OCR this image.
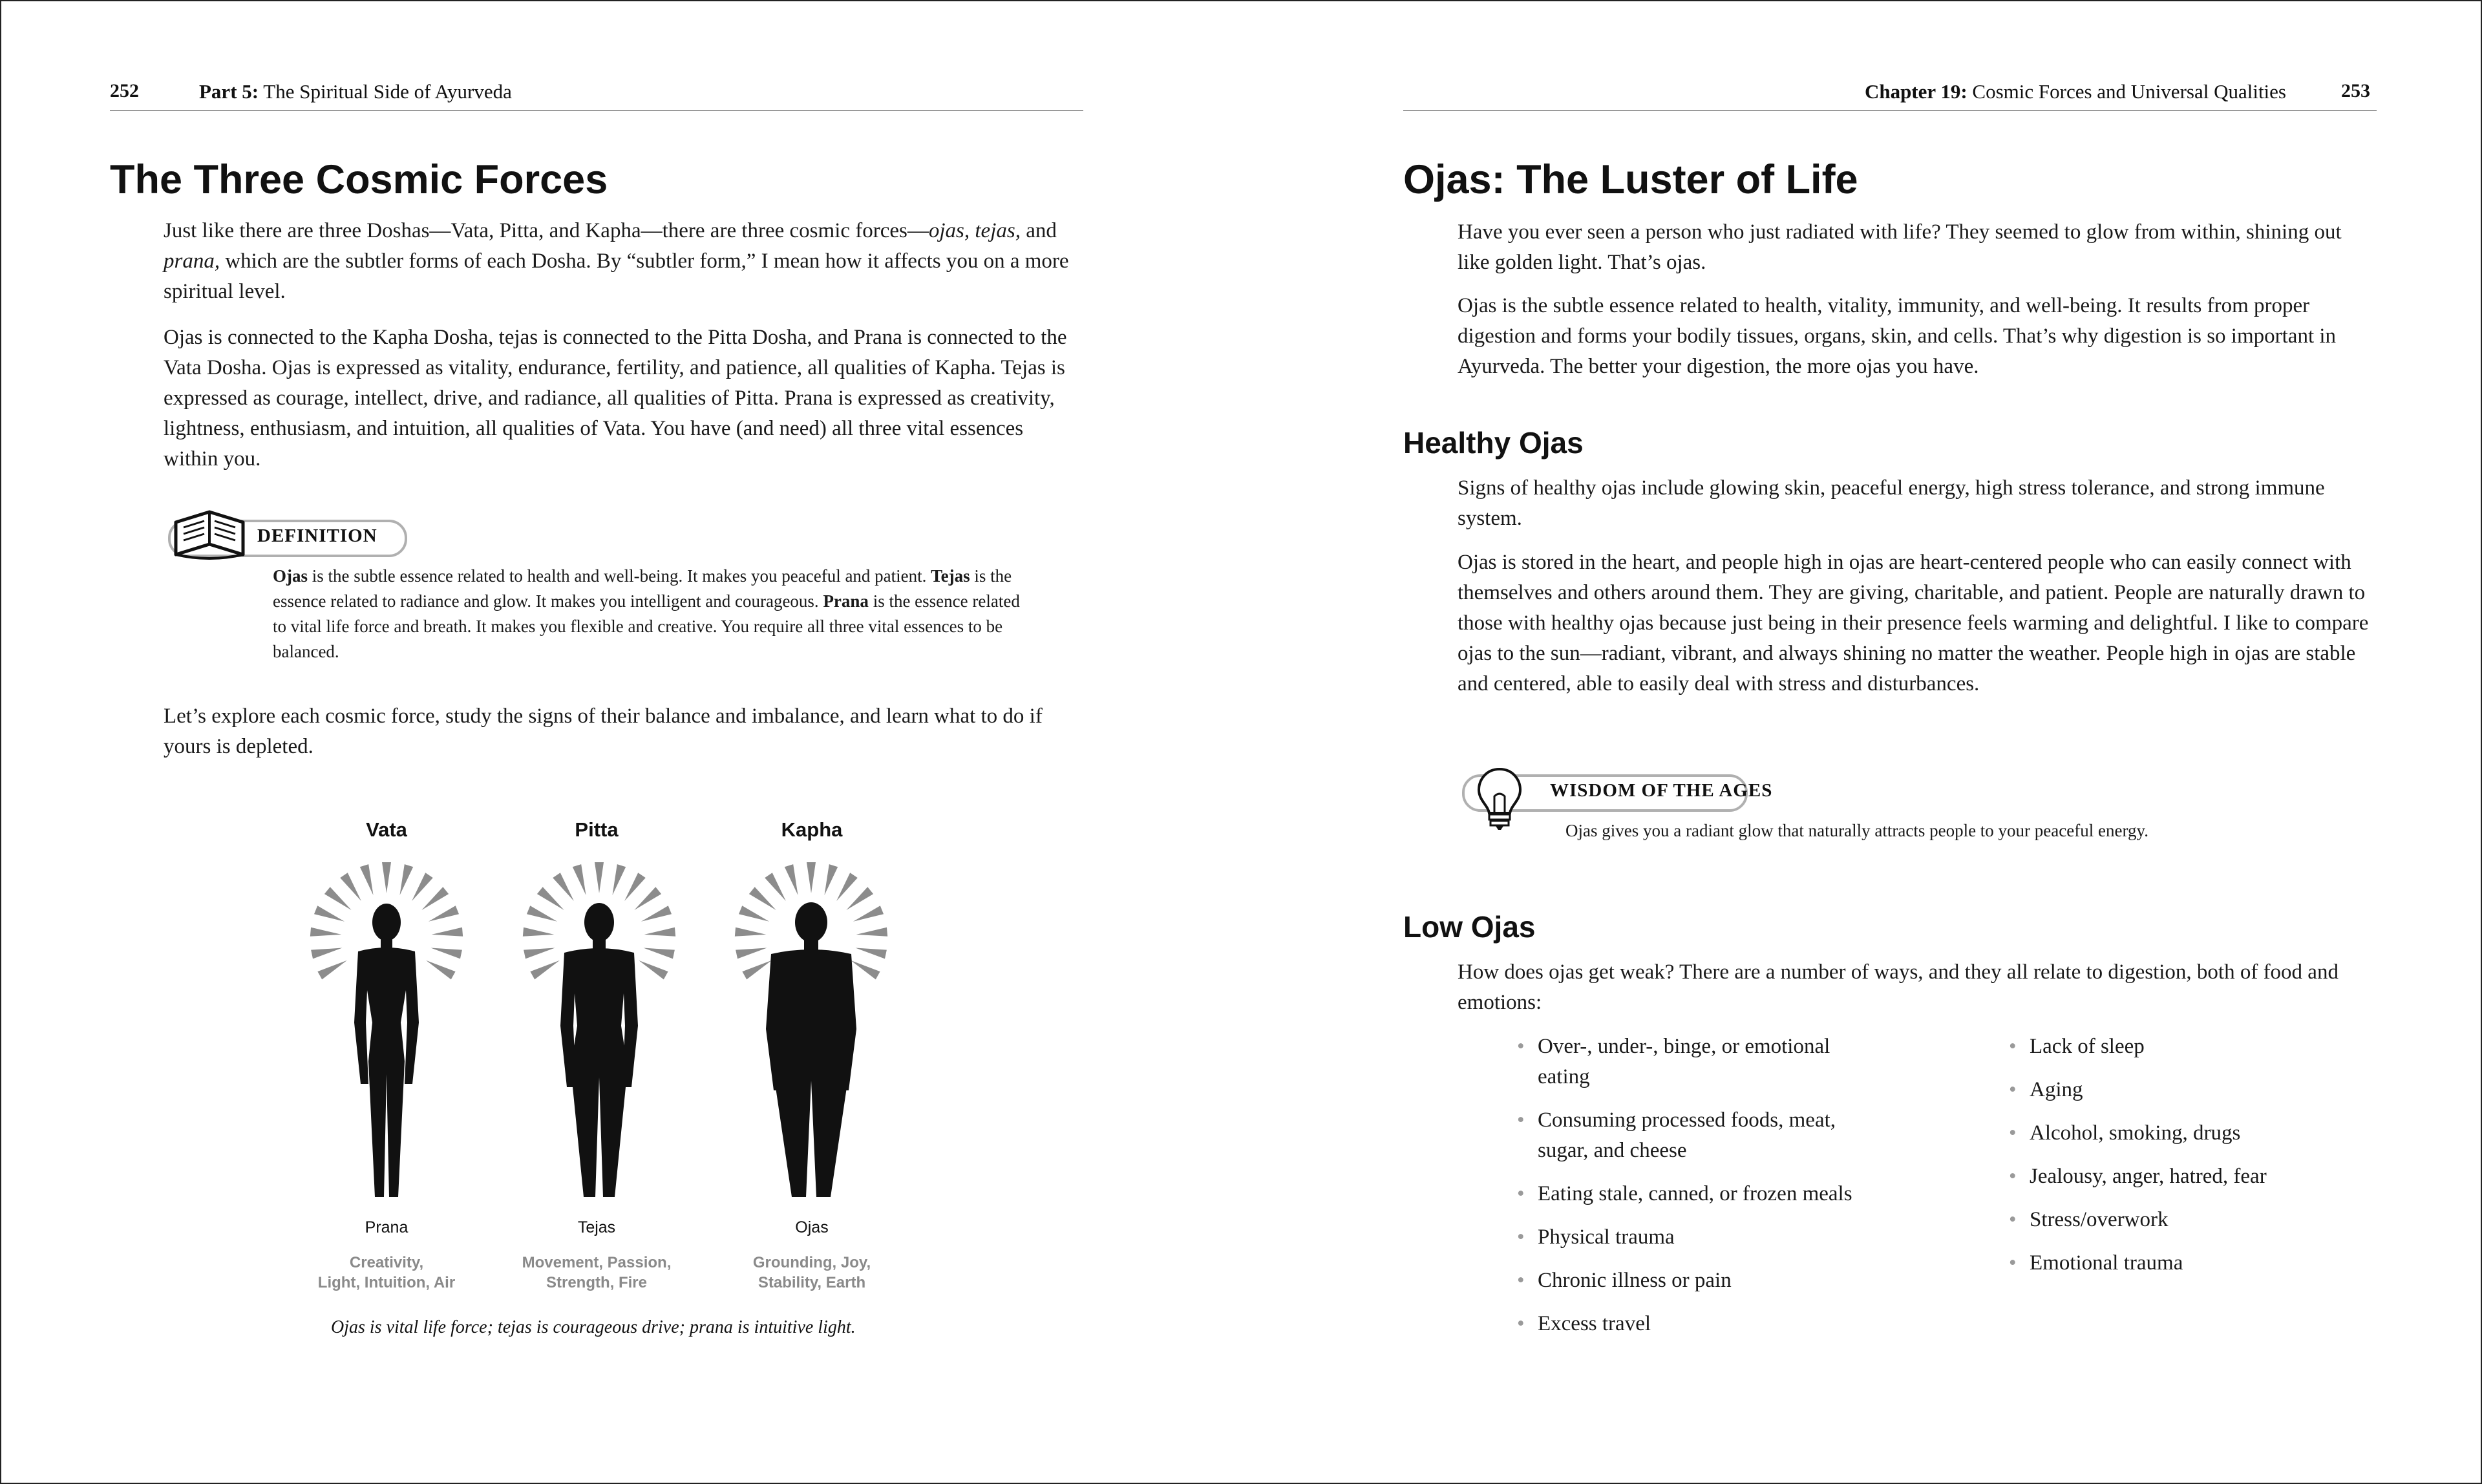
252	Part 5: The Spiritual Side of Ayurveda
The Three Cosmic Forces

Just like there are three Doshas—Vata, Pitta, and Kapha—there are three cosmic forces—ojas, tejas, and prana, which are the subtler forms of each Dosha. By “subtler form,” I mean how it affects you on a more spiritual level.

Ojas is connected to the Kapha Dosha, tejas is connected to the Pitta Dosha, and Prana is connected to the Vata Dosha. Ojas is expressed as vitality, endurance, fertility, and patience, all qualities of Kapha. Tejas is expressed as courage, intellect, drive, and radiance, all qualities of Pitta. Prana is expressed as creativity, lightness, enthusiasm, and intuition, all qualities of Vata. You have (and need) all three vital essences within you.

DEFINITION

Ojas is the subtle essence related to health and well-being. It makes you peaceful and patient. Tejas is the essence related to radiance and glow. It makes you intelligent and courageous. Prana is the essence related to vital life force and breath. It makes you flexible and creative. You require all three vital essences to be balanced.

Let’s explore each cosmic force, study the signs of their balance and imbalance, and learn what to do if yours is depleted.

Vata	Pitta	Kapha
Prana	Tejas	Ojas
Creativity,
Light, Intuition, Air
Movement, Passion,
Strength, Fire
Grounding, Joy,
Stability, Earth
Ojas is vital life force; tejas is courageous drive; prana is intuitive light.
Chapter 19: Cosmic Forces and Universal Qualities	253
Ojas: The Luster of Life

Have you ever seen a person who just radiated with life? They seemed to glow from within, shining out like golden light. That’s ojas.

Ojas is the subtle essence related to health, vitality, immunity, and well-being. It results from proper digestion and forms your bodily tissues, organs, skin, and cells. That’s why digestion is so important in Ayurveda. The better your digestion, the more ojas you have.

Healthy Ojas

Signs of healthy ojas include glowing skin, peaceful energy, high stress tolerance, and strong immune system.

Ojas is stored in the heart, and people high in ojas are heart-centered people who can easily connect with themselves and others around them. They are giving, charitable, and patient. People are naturally drawn to those with healthy ojas because just being in their presence feels warming and delightful. I like to compare ojas to the sun—radiant, vibrant, and always shining no matter the weather. People high in ojas are stable and centered, able to easily deal with stress and disturbances.

WISDOM OF THE AGES

Ojas gives you a radiant glow that naturally attracts people to your peaceful energy.

Low Ojas

How does ojas get weak? There are a number of ways, and they all relate to digestion, both of food and emotions:

• Over-, under-, binge, or emotional eating
• Consuming processed foods, meat, sugar, and cheese
• Eating stale, canned, or frozen meals
• Physical trauma
• Chronic illness or pain
• Excess travel
• Lack of sleep
• Aging
• Alcohol, smoking, drugs
• Jealousy, anger, hatred, fear
• Stress/overwork
• Emotional trauma
